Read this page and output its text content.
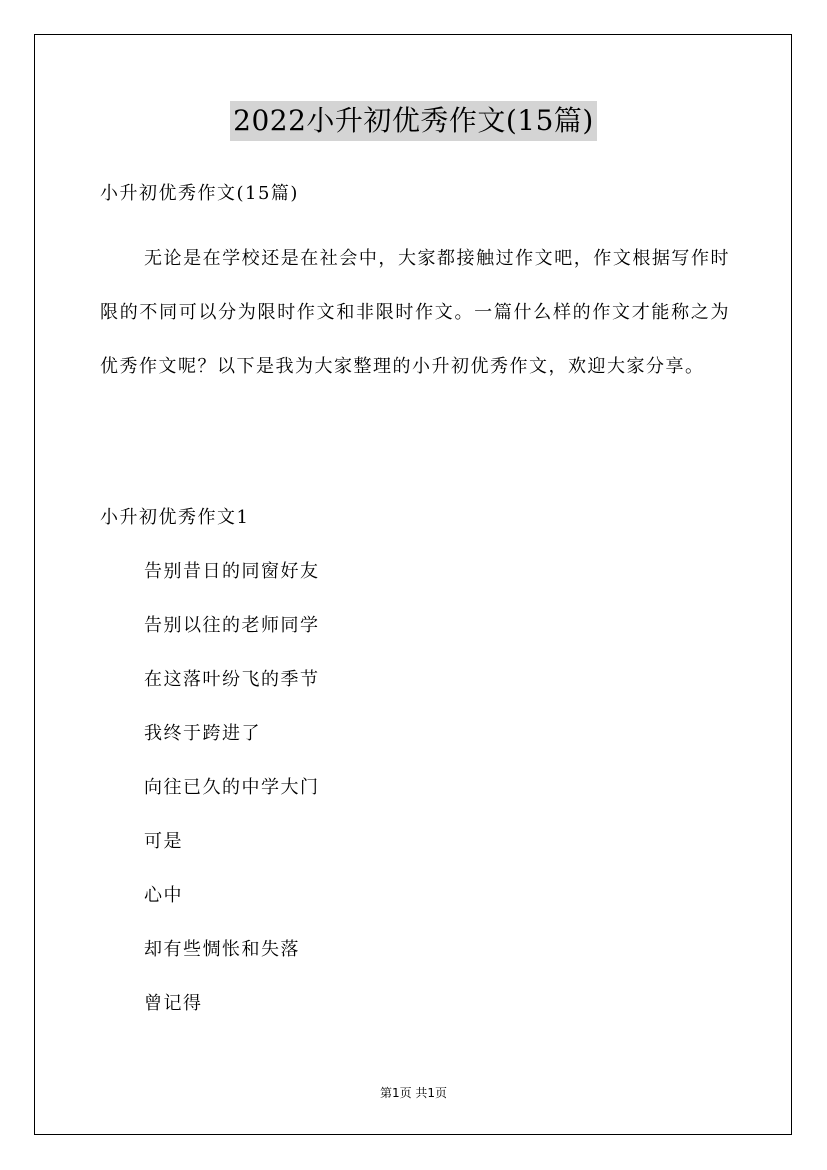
2022小升初优秀作文(15篇)
小升初优秀作文(15篇)
无论是在学校还是在社会中，大家都接触过作文吧，作文根据写作时限的不同可以分为限时作文和非限时作文。一篇什么样的作文才能称之为优秀作文呢？以下是我为大家整理的小升初优秀作文，欢迎大家分享。
小升初优秀作文1
告别昔日的同窗好友
告别以往的老师同学
在这落叶纷飞的季节
我终于跨进了
向往已久的中学大门
可是
心中
却有些惆怅和失落
曾记得
第1页 共1页
